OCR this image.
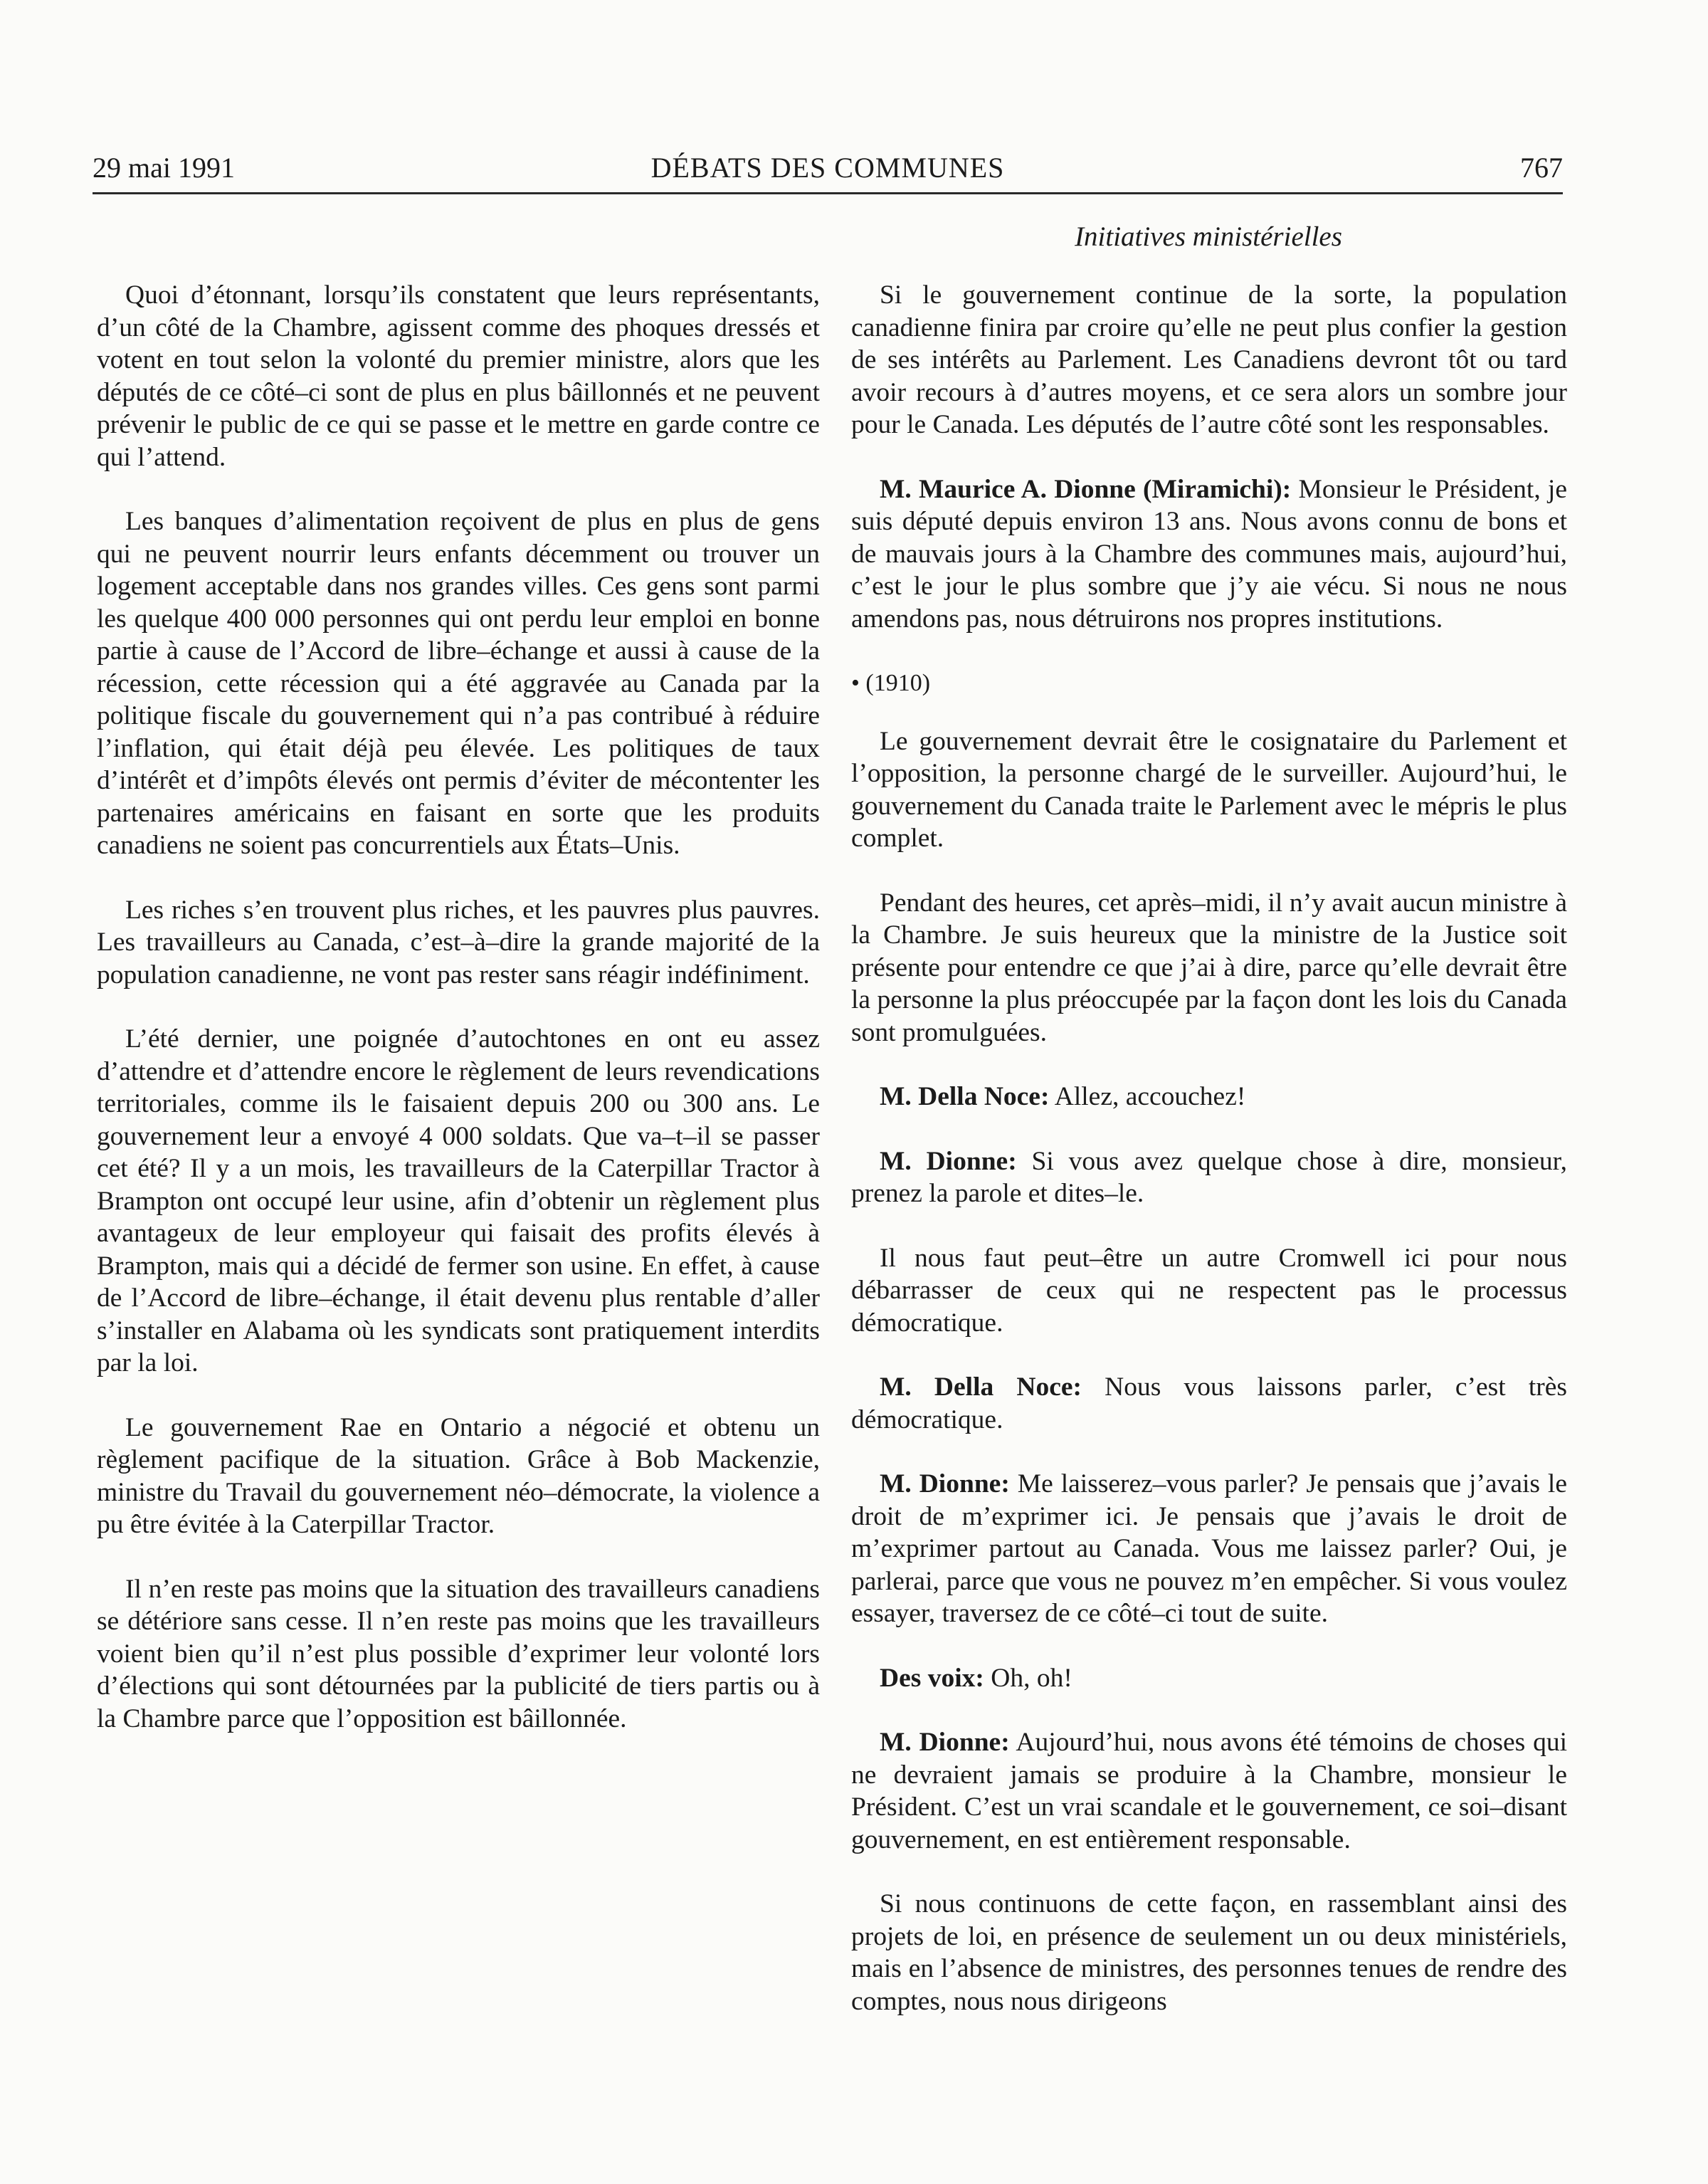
29 mai 1991	DÉBATS DES COMMUNES	767
Initiatives ministérielles

Quoi d’étonnant, lorsqu’ils constatent que leurs représentants, d’un côté de la Chambre, agissent comme des phoques dressés et votent en tout selon la volonté du premier ministre, alors que les députés de ce côté–ci sont de plus en plus bâillonnés et ne peuvent prévenir le public de ce qui se passe et le mettre en garde contre ce qui l’attend.

Les banques d’alimentation reçoivent de plus en plus de gens qui ne peuvent nourrir leurs enfants décemment ou trouver un logement acceptable dans nos grandes villes. Ces gens sont parmi les quelque 400 000 personnes qui ont perdu leur emploi en bonne partie à cause de l’Accord de libre–échange et aussi à cause de la récession, cette récession qui a été aggravée au Canada par la politique fiscale du gouvernement qui n’a pas contribué à réduire l’inflation, qui était déjà peu élevée. Les politiques de taux d’intérêt et d’impôts élevés ont permis d’éviter de mécontenter les partenaires américains en faisant en sorte que les produits canadiens ne soient pas concurrentiels aux États–Unis.

Les riches s’en trouvent plus riches, et les pauvres plus pauvres. Les travailleurs au Canada, c’est–à–dire la grande majorité de la population canadienne, ne vont pas rester sans réagir indéfiniment.

L’été dernier, une poignée d’autochtones en ont eu assez d’attendre et d’attendre encore le règlement de leurs revendications territoriales, comme ils le faisaient depuis 200 ou 300 ans. Le gouvernement leur a envoyé 4 000 soldats. Que va–t–il se passer cet été? Il y a un mois, les travailleurs de la Caterpillar Tractor à Brampton ont occupé leur usine, afin d’obtenir un règlement plus avantageux de leur employeur qui faisait des profits élevés à Brampton, mais qui a décidé de fermer son usine. En effet, à cause de l’Accord de libre–échange, il était devenu plus rentable d’aller s’installer en Alabama où les syndicats sont pratiquement interdits par la loi.

Le gouvernement Rae en Ontario a négocié et obtenu un règlement pacifique de la situation. Grâce à Bob Mackenzie, ministre du Travail du gouvernement néo–démocrate, la violence a pu être évitée à la Caterpillar Tractor.

Il n’en reste pas moins que la situation des travailleurs canadiens se détériore sans cesse. Il n’en reste pas moins que les travailleurs voient bien qu’il n’est plus possible d’exprimer leur volonté lors d’élections qui sont détournées par la publicité de tiers partis ou à la Chambre parce que l’opposition est bâillonnée.

Si le gouvernement continue de la sorte, la population canadienne finira par croire qu’elle ne peut plus confier la gestion de ses intérêts au Parlement. Les Canadiens devront tôt ou tard avoir recours à d’autres moyens, et ce sera alors un sombre jour pour le Canada. Les députés de l’autre côté sont les responsables.

M. Maurice A. Dionne (Miramichi): Monsieur le Président, je suis député depuis environ 13 ans. Nous avons connu de bons et de mauvais jours à la Chambre des communes mais, aujourd’hui, c’est le jour le plus sombre que j’y aie vécu. Si nous ne nous amendons pas, nous détruirons nos propres institutions.

• (1910)

Le gouvernement devrait être le cosignataire du Parlement et l’opposition, la personne chargé de le surveiller. Aujourd’hui, le gouvernement du Canada traite le Parlement avec le mépris le plus complet.

Pendant des heures, cet après–midi, il n’y avait aucun ministre à la Chambre. Je suis heureux que la ministre de la Justice soit présente pour entendre ce que j’ai à dire, parce qu’elle devrait être la personne la plus préoccupée par la façon dont les lois du Canada sont promulguées.

M. Della Noce: Allez, accouchez!

M. Dionne: Si vous avez quelque chose à dire, monsieur, prenez la parole et dites–le.

Il nous faut peut–être un autre Cromwell ici pour nous débarrasser de ceux qui ne respectent pas le processus démocratique.

M. Della Noce: Nous vous laissons parler, c’est très démocratique.

M. Dionne: Me laisserez–vous parler? Je pensais que j’avais le droit de m’exprimer ici. Je pensais que j’avais le droit de m’exprimer partout au Canada. Vous me laissez parler? Oui, je parlerai, parce que vous ne pouvez m’en empêcher. Si vous voulez essayer, traversez de ce côté–ci tout de suite.

Des voix: Oh, oh!

M. Dionne: Aujourd’hui, nous avons été témoins de choses qui ne devraient jamais se produire à la Chambre, monsieur le Président. C’est un vrai scandale et le gouvernement, ce soi–disant gouvernement, en est entièrement responsable.

Si nous continuons de cette façon, en rassemblant ainsi des projets de loi, en présence de seulement un ou deux ministériels, mais en l’absence de ministres, des personnes tenues de rendre des comptes, nous nous dirigeons
